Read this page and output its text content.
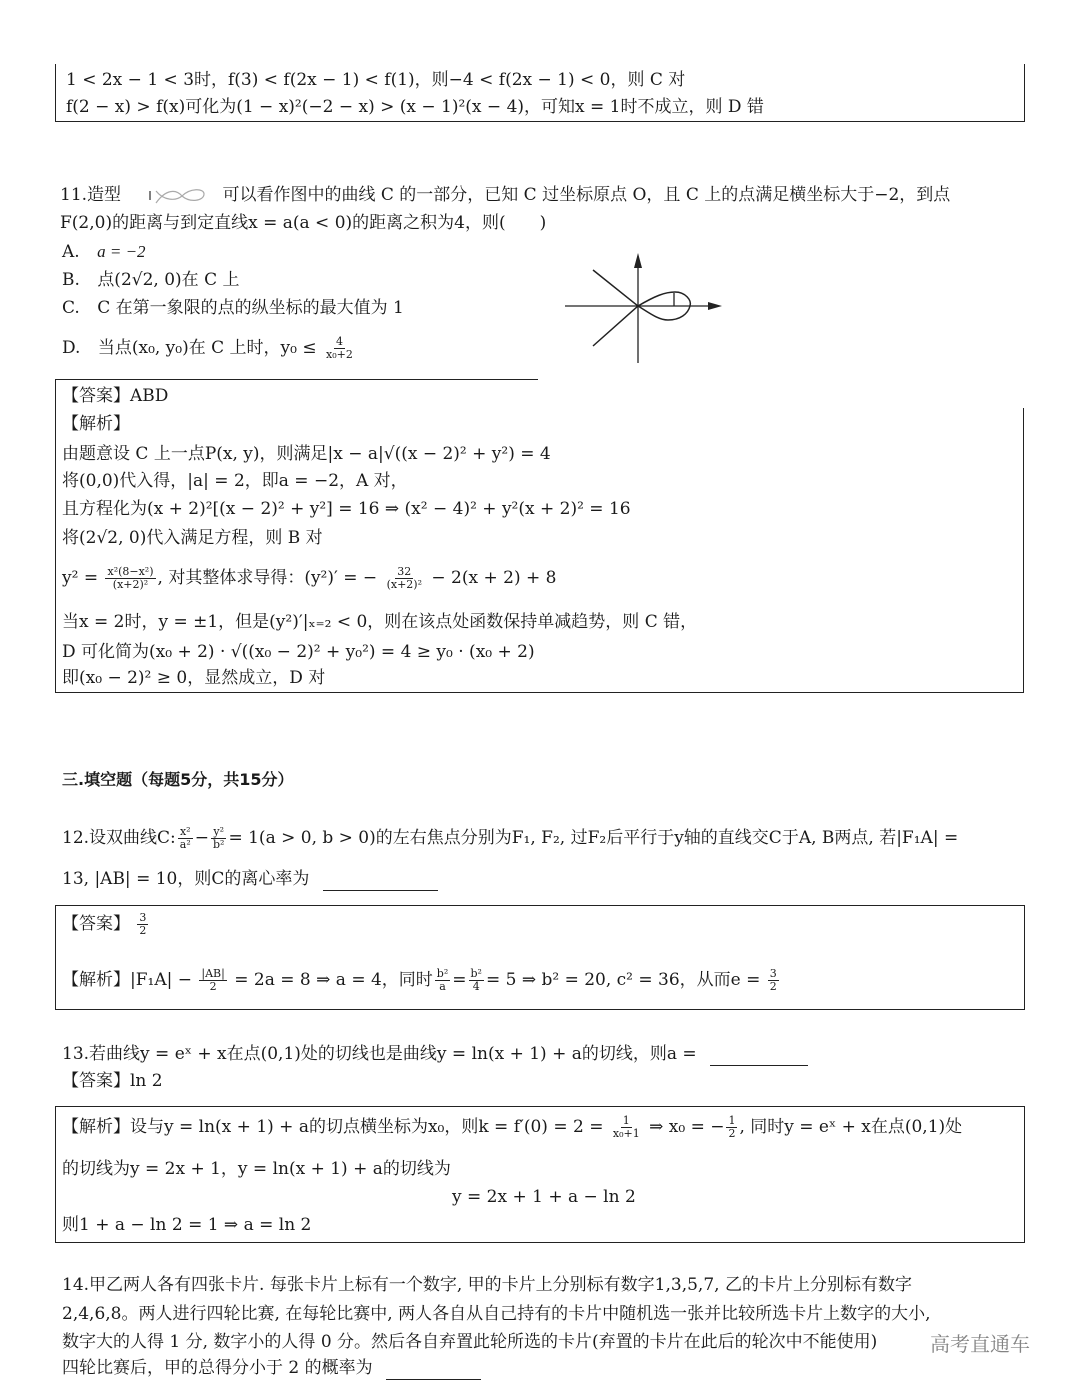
1 < 2x − 1 < 3时，f(3) < f(2x − 1) < f(1)，则−4 < f(2x − 1) < 0，则 C 对
f(2 − x) > f(x)可化为(1 − x)²(−2 − x) > (x − 1)²(x − 4)，可知x = 1时不成立，则 D 错
11.造型	可以看作图中的曲线 C 的一部分，已知 C 过坐标原点 O，且 C 上的点满足横坐标大于−2，到点
F(2,0)的距离与到定直线x = a(a < 0)的距离之积为4，则(　　)
A. a = −2
B. 点(2√2, 0)在 C 上
C. C 在第一象限的点的纵坐标的最大值为 1
D. 当点(x₀, y₀)在 C 上时，$y_0 \le \frac{4}{\text{x₀+2}}$
【答案】ABD
【解析】
由题意设 C 上一点P(x, y)，则满足|x − a|√((x − 2)² + y²) = 4
将(0,0)代入得，|a| = 2，即a = −2，A 对，
且方程化为(x + 2)²[(x − 2)² + y²] = 16 ⇒ (x² − 4)² + y²(x + 2)² = 16
将(2√2, 0)代入满足方程，则 B 对
$y^2 = \frac{\text{x²(8−x²)}}{\text{(x+2)²}}$ , 对其整体求导得：(y²)′ = − $\frac{32}{\text{(x+2)²}} - 2(x + 2) + 8$
当x = 2时，y = ±1，但是(y²)′|ₓ₌₂ < 0，则在该点处函数保持单减趋势，则 C 错，
D 可化简为(x₀ + 2) · √((x₀ − 2)² + y₀²) = 4 ≥ y₀ · (x₀ + 2)
即(x₀ − 2)² ≥ 0，显然成立，D 对
三.填空题（每题5分，共15分）
12.设双曲线C: $\frac{\text{x²}}{\text{a²}} - \frac{\text{y²}}{\text{b²}} = 1(a > 0$, b > 0)的左右焦点分别为F₁, F₂, 过F₂后平行于y轴的直线交C于A, B两点, 若|F₁A| =
13, |AB| = 10，则C的离心率为
【答案】 $\frac{3}{2}$
【解析】$|F_1A| - \frac{|AB|}{2} = 2a = 8$ ⇒ a = 4，同时 $\frac{\text{b²}}{a} = \frac{\text{b²}}{4} = 5$ ⇒ b² = 20, c² = 36，从而$e = \frac{3}{2}$
13.若曲线y = eˣ + x在点(0,1)处的切线也是曲线y = ln(x + 1) + a的切线，则a =
【答案】ln 2
【解析】设与y = ln(x + 1) + a的切点横坐标为x₀，则$k = f'(0) = 2 = \frac{1}{\text{x₀+1}}$ ⇒ x₀ = − $\frac{1}{2}$ , 同时y = eˣ + x在点(0,1)处
的切线为y = 2x + 1，y = ln(x + 1) + a的切线为
y = 2x + 1 + a − ln 2
则1 + a − ln 2 = 1 ⇒ a = ln 2
14.甲乙两人各有四张卡片. 每张卡片上标有一个数字, 甲的卡片上分别标有数字1,3,5,7, 乙的卡片上分别标有数字
2,4,6,8。两人进行四轮比赛, 在每轮比赛中, 两人各自从自己持有的卡片中随机选一张并比较所选卡片上数字的大小,
数字大的人得 1 分, 数字小的人得 0 分。然后各自弃置此轮所选的卡片(弃置的卡片在此后的轮次中不能使用)
四轮比赛后，甲的总得分小于 2 的概率为
高考直通车
